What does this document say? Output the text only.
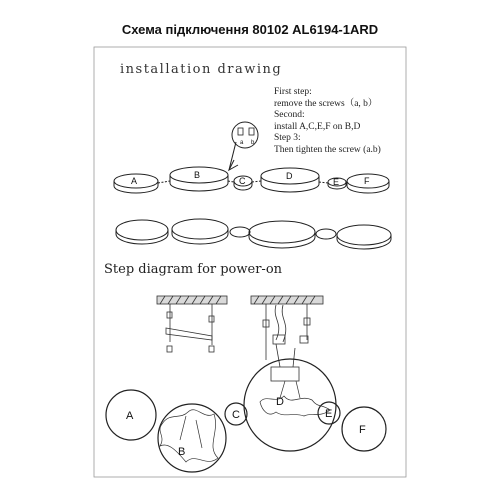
Схема підключення 80102 AL6194-1ARD
installation drawing
First step:
remove the screws（a, b）
Second:
install A,C,E,F on B,D
Step 3:
Then tighten the screw (a.b)
Step diagram for power-on
a b
A
B
C	D
E	F
A
B
C
D
E
F
